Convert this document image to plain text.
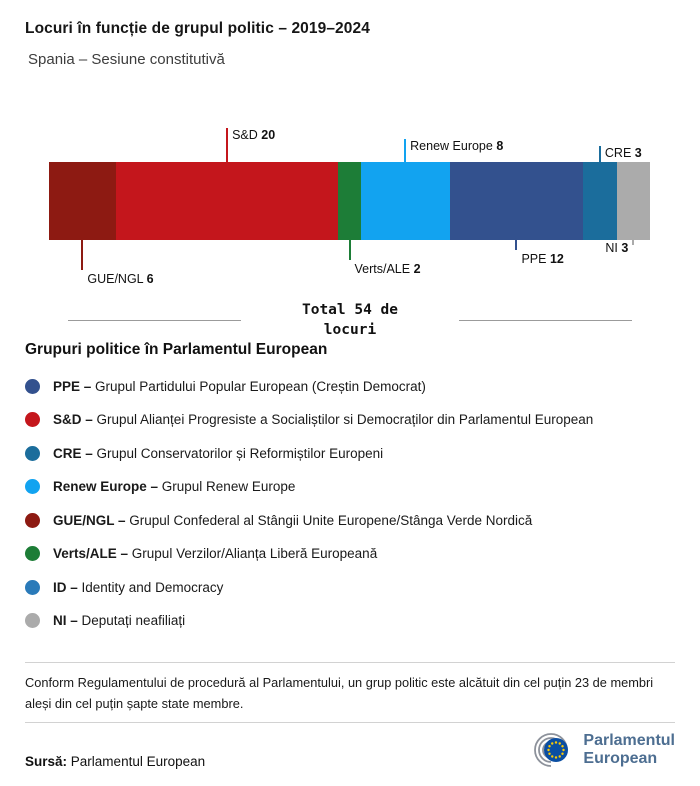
Locuri în funcție de grupul politic – 2019–2024
Spania – Sesiune constitutivă
GUE/NGL 6
S&D 20
Verts/ALE 2
Renew Europe 8
PPE 12
CRE 3
NI 3
Total 54 de locuri
Grupuri politice în Parlamentul European
PPE – Grupul Partidului Popular European (Creștin Democrat)
S&D – Grupul Alianței Progresiste a Socialiștilor si Democraților din Parlamentul European
CRE – Grupul Conservatorilor și Reformiștilor Europeni
Renew Europe – Grupul Renew Europe
GUE/NGL – Grupul Confederal al Stângii Unite Europene/Stânga Verde Nordică
Verts/ALE – Grupul Verzilor/Alianța Liberă Europeană
ID – Identity and Democracy
NI – Deputați neafiliați
Conform Regulamentului de procedură al Parlamentului, un grup politic este alcătuit din cel puțin 23 de membri aleși din cel puțin șapte state membre.
Sursă: Parlamentul European
Parlamentul
European
